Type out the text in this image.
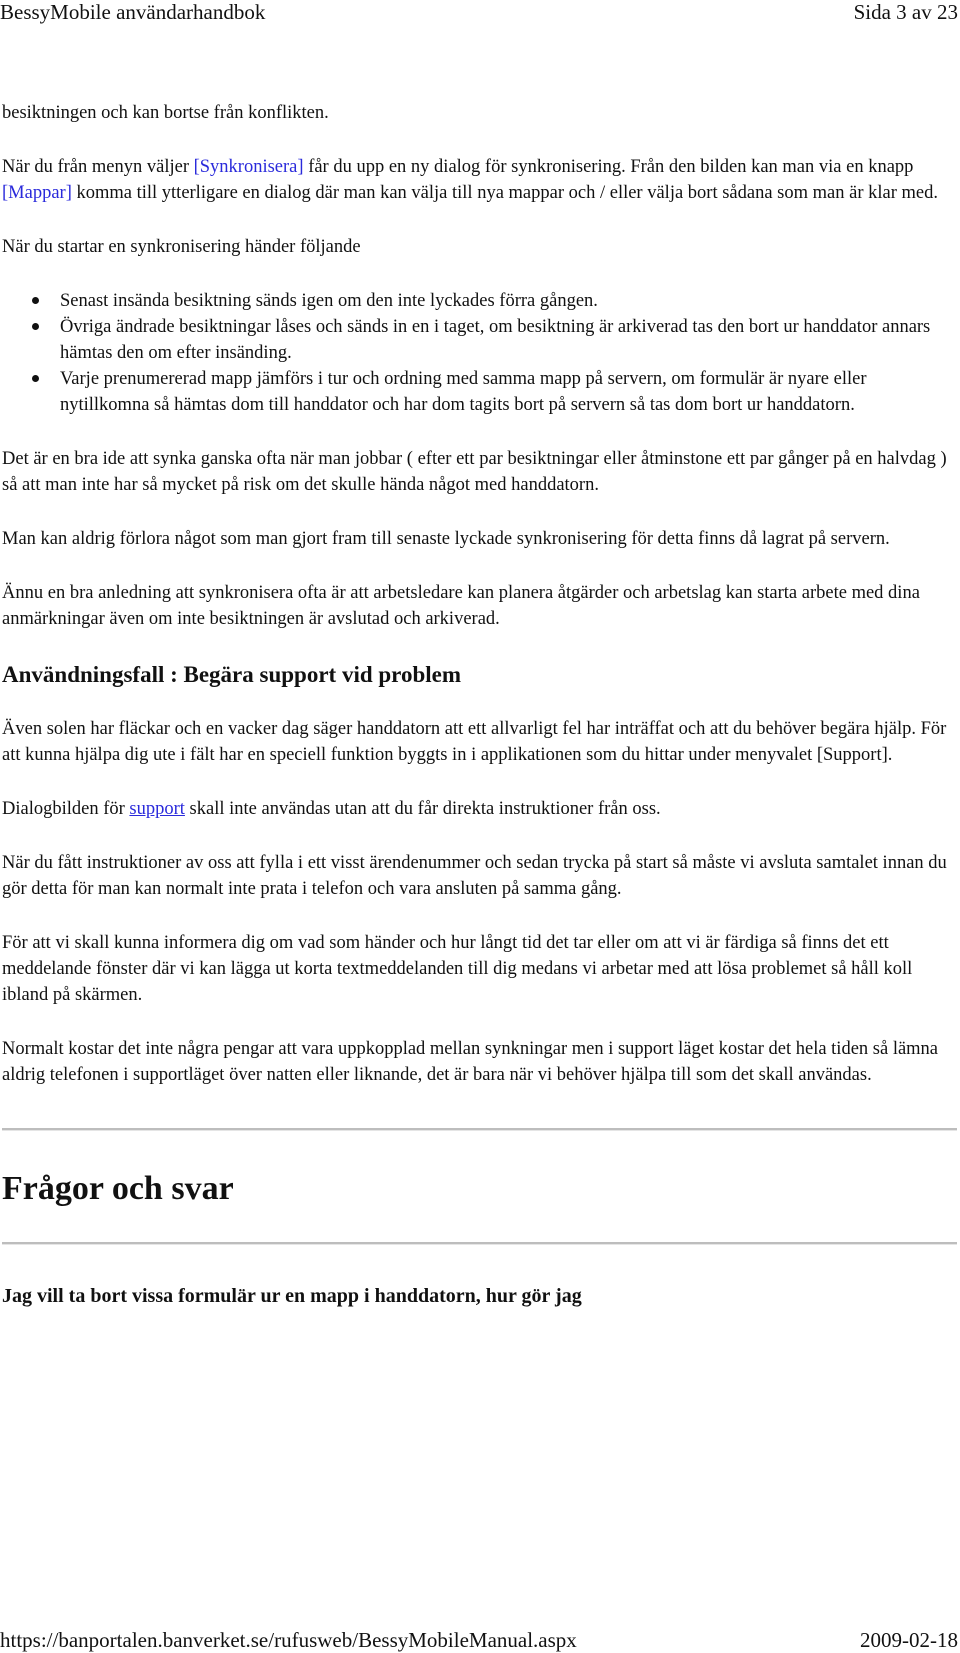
BessyMobile användarhandbok	Sida 3 av 23

besiktningen och kan bortse från konflikten.

När du från menyn väljer [Synkronisera] får du upp en ny dialog för synkronisering. Från den bilden kan man via en knapp [Mappar] komma till ytterligare en dialog där man kan välja till nya mappar och / eller välja bort sådana som man är klar med.

När du startar en synkronisering händer följande

Senast insända besiktning sänds igen om den inte lyckades förra gången.
Övriga ändrade besiktningar låses och sänds in en i taget, om besiktning är arkiverad tas den bort ur handdator annars hämtas den om efter insänding.
Varje prenumererad mapp jämförs i tur och ordning med samma mapp på servern, om formulär är nyare eller nytillkomna så hämtas dom till handdator och har dom tagits bort på servern så tas dom bort ur handdatorn.

Det är en bra ide att synka ganska ofta när man jobbar ( efter ett par besiktningar eller åtminstone ett par gånger på en halvdag ) så att man inte har så mycket på risk om det skulle hända något med handdatorn.

Man kan aldrig förlora något som man gjort fram till senaste lyckade synkronisering för detta finns då lagrat på servern.

Ännu en bra anledning att synkronisera ofta är att arbetsledare kan planera åtgärder och arbetslag kan starta arbete med dina anmärkningar även om inte besiktningen är avslutad och arkiverad.

Användningsfall : Begära support vid problem

Även solen har fläckar och en vacker dag säger handdatorn att ett allvarligt fel har inträffat och att du behöver begära hjälp. För att kunna hjälpa dig ute i fält har en speciell funktion byggts in i applikationen som du hittar under menyvalet [Support].

Dialogbilden för support skall inte användas utan att du får direkta instruktioner från oss.

När du fått instruktioner av oss att fylla i ett visst ärendenummer och sedan trycka på start så måste vi avsluta samtalet innan du gör detta för man kan normalt inte prata i telefon och vara ansluten på samma gång.

För att vi skall kunna informera dig om vad som händer och hur långt tid det tar eller om att vi är färdiga så finns det ett meddelande fönster där vi kan lägga ut korta textmeddelanden till dig medans vi arbetar med att lösa problemet så håll koll ibland på skärmen.

Normalt kostar det inte några pengar att vara uppkopplad mellan synkningar men i support läget kostar det hela tiden så lämna aldrig telefonen i supportläget över natten eller liknande, det är bara när vi behöver hjälpa till som det skall användas.

Frågor och svar
Jag vill ta bort vissa formulär ur en mapp i handdatorn, hur gör jag
https://banportalen.banverket.se/rufusweb/BessyMobileManual.aspx	2009-02-18
